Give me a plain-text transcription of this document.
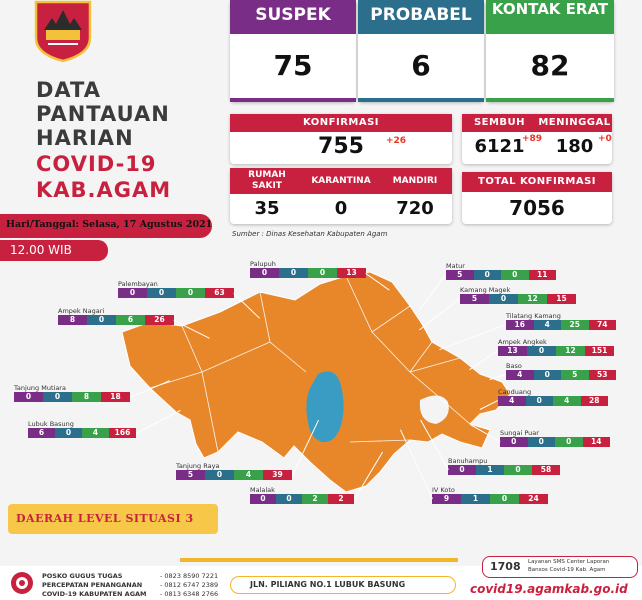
DATA
PANTAUAN
HARIAN
COVID-19
KAB.AGAM
SUSPEK
75
PROBABEL
6
KONTAK ERAT
82
KONFIRMASI
755	+26
SEMBUH	MENINGGAL
6121	180
+89	+0
RUMAH SAKIT
35
KARANTINA
0
MANDIRI
720
TOTAL KONFIRMASI
7056
Sumber : Dinas Kesehatan Kabupaten Agam
Hari/Tanggal: Selasa, 17 Agustus 2021
12.00 WIB
Palupuh
0	0	0	13
Palembayan
0	0	0	63
Ampek Nagari
8	0	6	26
Tanjung Mutiara
0	0	8	18
Lubuk Basung
6	0	4	166
Tanjung Raya
5	0	4	39
Malalak
0	0	2	2
Matur
5	0	0	11
Kamang Magek
5	0	12	15
Tilatang Kamang
16	4	25	74
Ampek Angkek
13	0	12	151
Baso
4	0	5	53
Canduang
4	0	4	28
Sungai Puar
0	0	0	14
Banuhampu
0	1	0	58
IV Koto
9	1	0	24
DAERAH LEVEL SITUASI 3
POSKO GUGUS TUGAS
PERCEPATAN PENANGANAN
COVID-19 KABUPATEN AGAM
- 0823 8590 7221
- 0812 6747 2389
- 0813 6348 2766
JLN. PILIANG NO.1 LUBUK BASUNG
1708 Layanan SMS Center Laporan
Bansos Covid-19 Kab. Agam
covid19.agamkab.go.id
